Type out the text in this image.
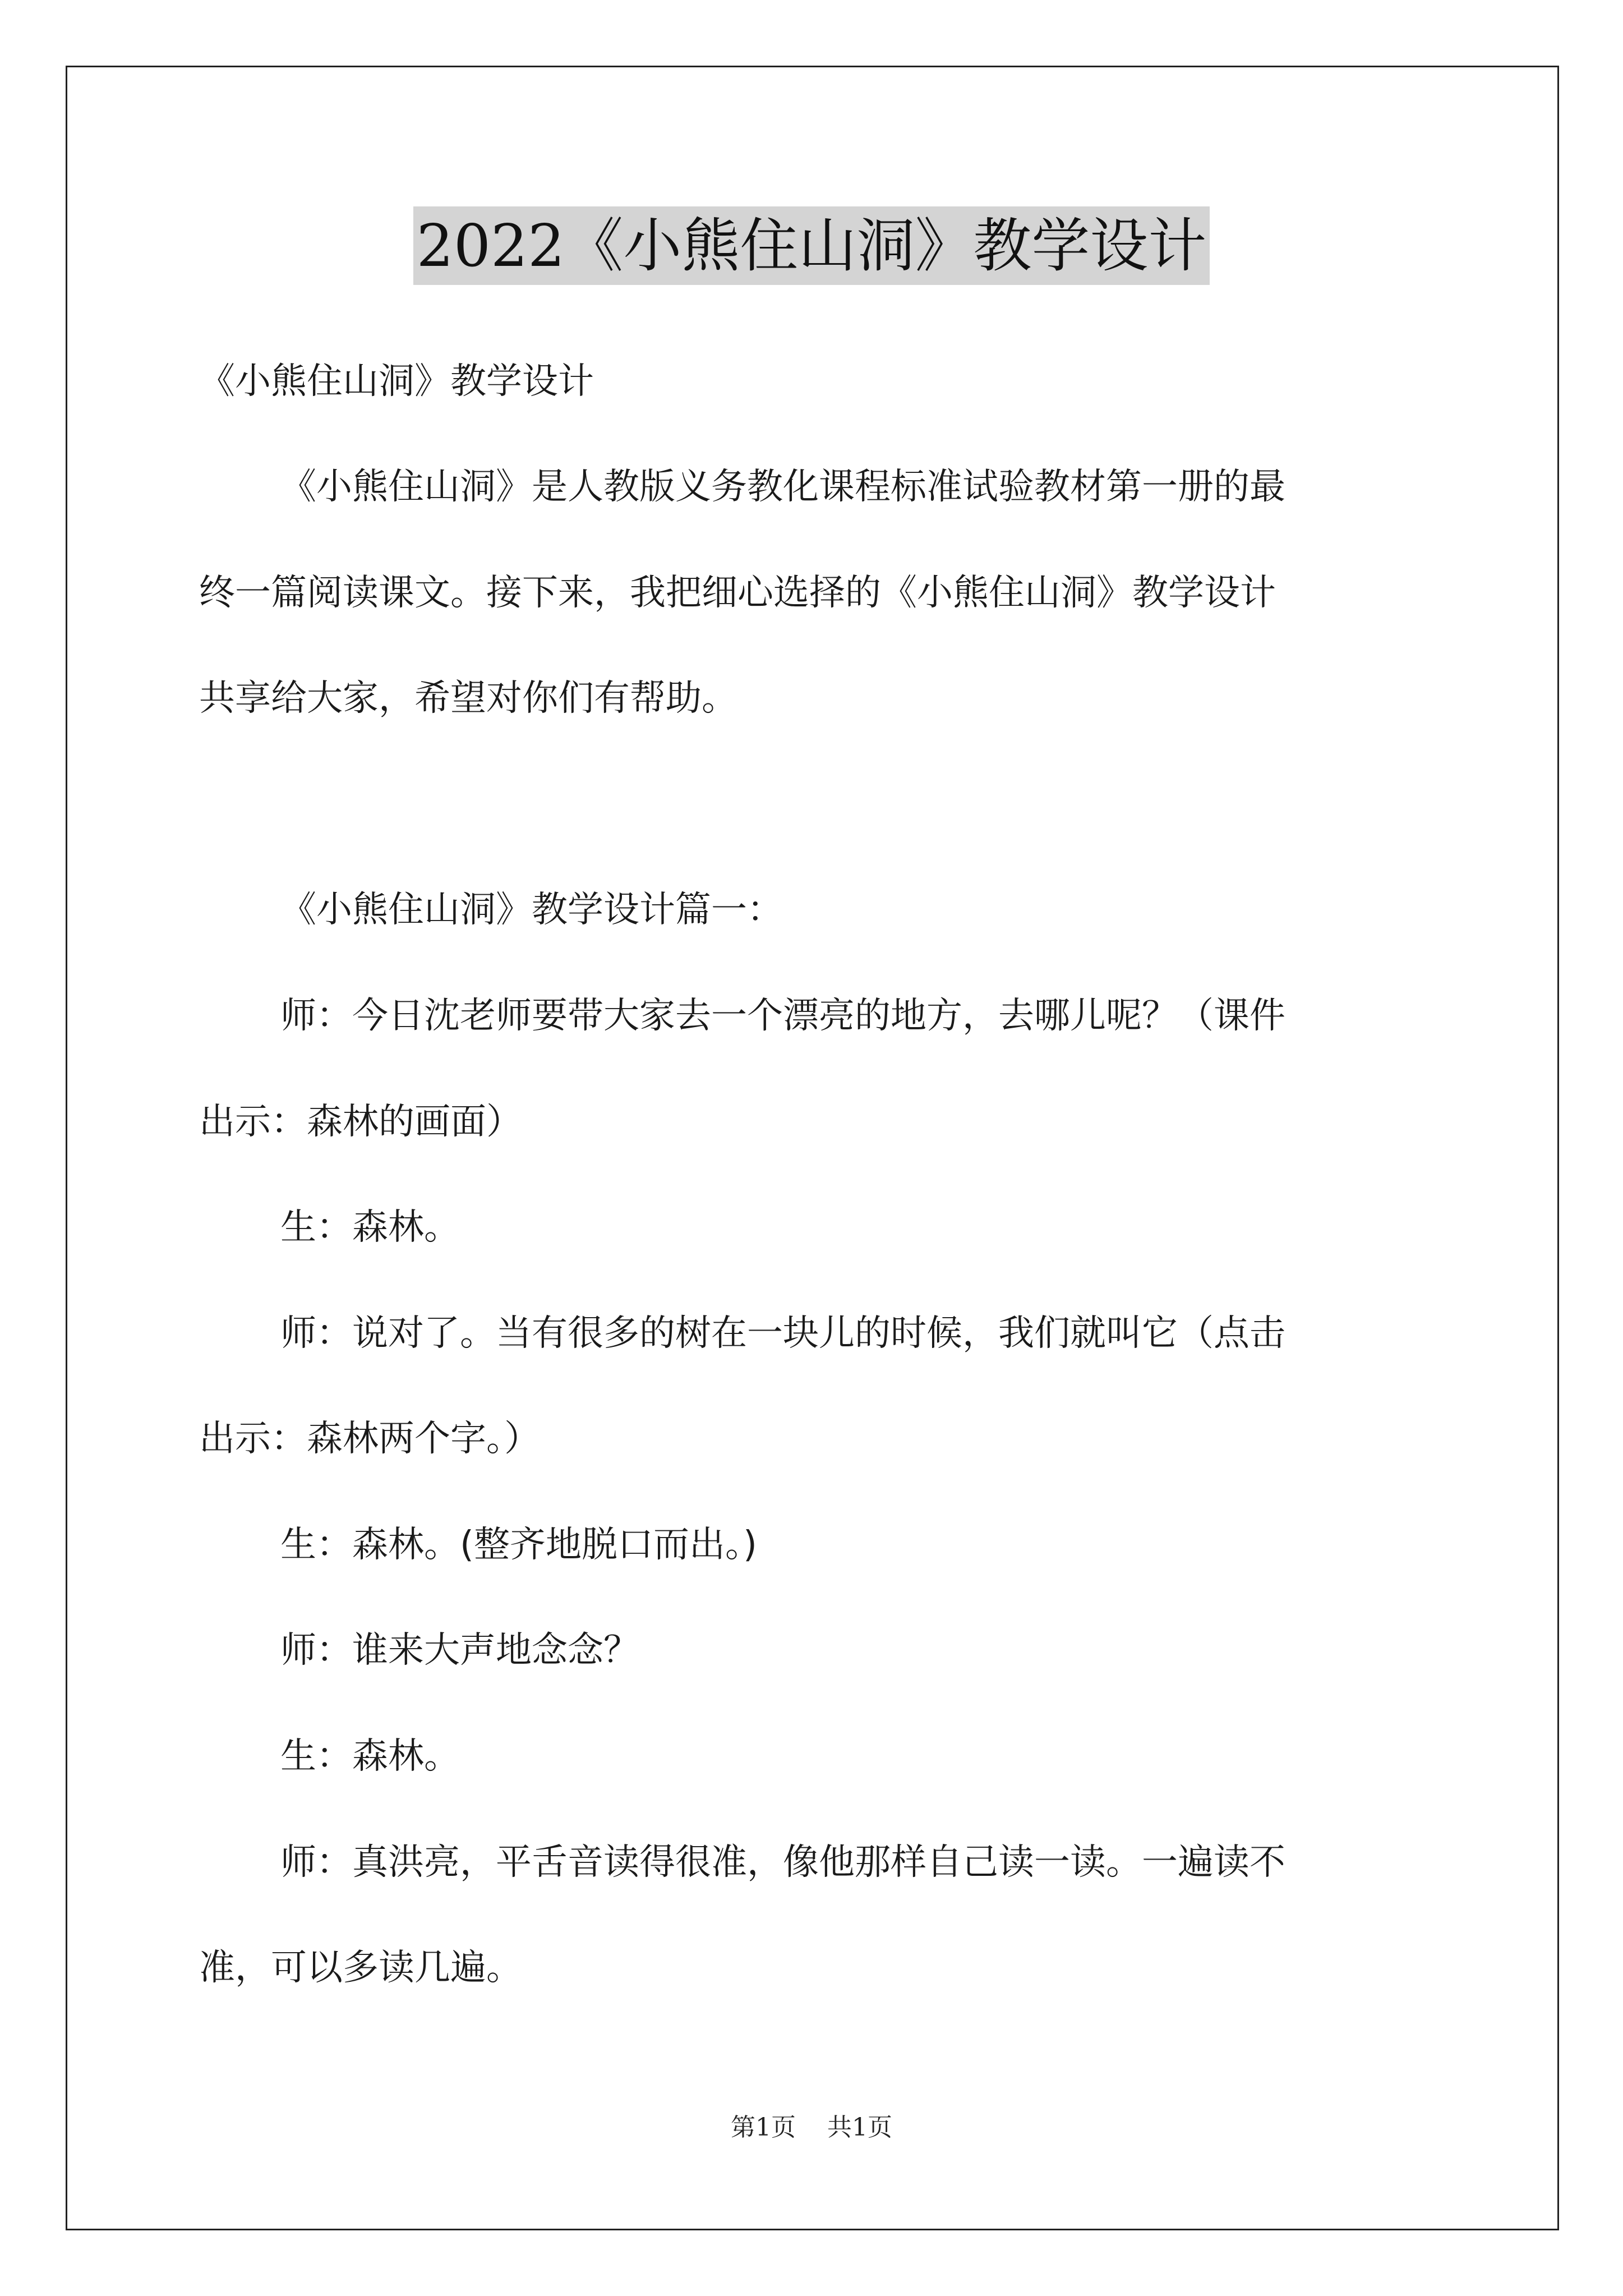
2022《小熊住山洞》教学设计
《小熊住山洞》教学设计
《小熊住山洞》是人教版义务教化课程标准试验教材第一册的最
终一篇阅读课文。接下来，我把细心选择的《小熊住山洞》教学设计
共享给大家，希望对你们有帮助。
《小熊住山洞》教学设计篇一：
师：今日沈老师要带大家去一个漂亮的地方，去哪儿呢？（课件
出示：森林的画面）
生：森林。
师：说对了。当有很多的树在一块儿的时候，我们就叫它（点击
出示：森林两个字。）
生：森林。(整齐地脱口而出。)
师：谁来大声地念念？
生：森林。
师：真洪亮，平舌音读得很准，像他那样自己读一读。一遍读不
准，可以多读几遍。
第1页 共1页
